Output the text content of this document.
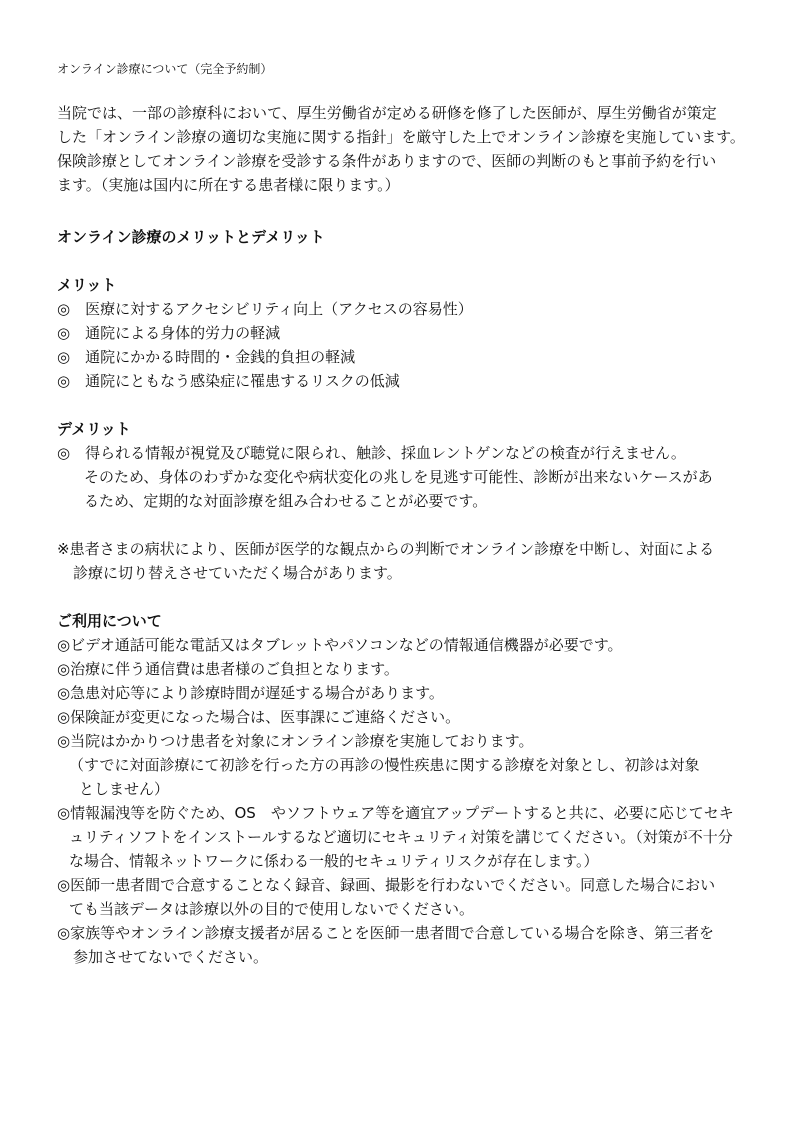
オンライン診療について（完全予約制）
当院では、一部の診療科において、厚生労働省が定める研修を修了した医師が、厚生労働省が策定
した「オンライン診療の適切な実施に関する指針」を厳守した上でオンライン診療を実施しています。
保険診療としてオンライン診療を受診する条件がありますので、医師の判断のもと事前予約を行い
ます。（実施は国内に所在する患者様に限ります。）
オンライン診療のメリットとデメリット
メリット
◎　医療に対するアクセシビリティ向上（アクセスの容易性）
◎　通院による身体的労力の軽減
◎　通院にかかる時間的・金銭的負担の軽減
◎　通院にともなう感染症に罹患するリスクの低減
デメリット
◎　得られる情報が視覚及び聴覚に限られ、触診、採血レントゲンなどの検査が行えません。
そのため、身体のわずかな変化や病状変化の兆しを見逃す可能性、診断が出来ないケースがあ
るため、定期的な対面診療を組み合わせることが必要です。
※患者さまの病状により、医師が医学的な観点からの判断でオンライン診療を中断し、対面による
診療に切り替えさせていただく場合があります。
ご利用について
◎ビデオ通話可能な電話又はタブレットやパソコンなどの情報通信機器が必要です。
◎治療に伴う通信費は患者様のご負担となります。
◎急患対応等により診療時間が遅延する場合があります。
◎保険証が変更になった場合は、医事課にご連絡ください。
◎当院はかかりつけ患者を対象にオンライン診療を実施しております。
（すでに対面診療にて初診を行った方の再診の慢性疾患に関する診療を対象とし、初診は対象
としません）
◎情報漏洩等を防ぐため、OS　やソフトウェア等を適宜アップデートすると共に、必要に応じてセキ
ュリティソフトをインストールするなど適切にセキュリティ対策を講じてください。（対策が不十分
な場合、情報ネットワークに係わる一般的セキュリティリスクが存在します。）
◎医師一患者間で合意することなく録音、録画、撮影を行わないでください。同意した場合におい
ても当該データは診療以外の目的で使用しないでください。
◎家族等やオンライン診療支援者が居ることを医師一患者間で合意している場合を除き、第三者を
参加させてないでください。
